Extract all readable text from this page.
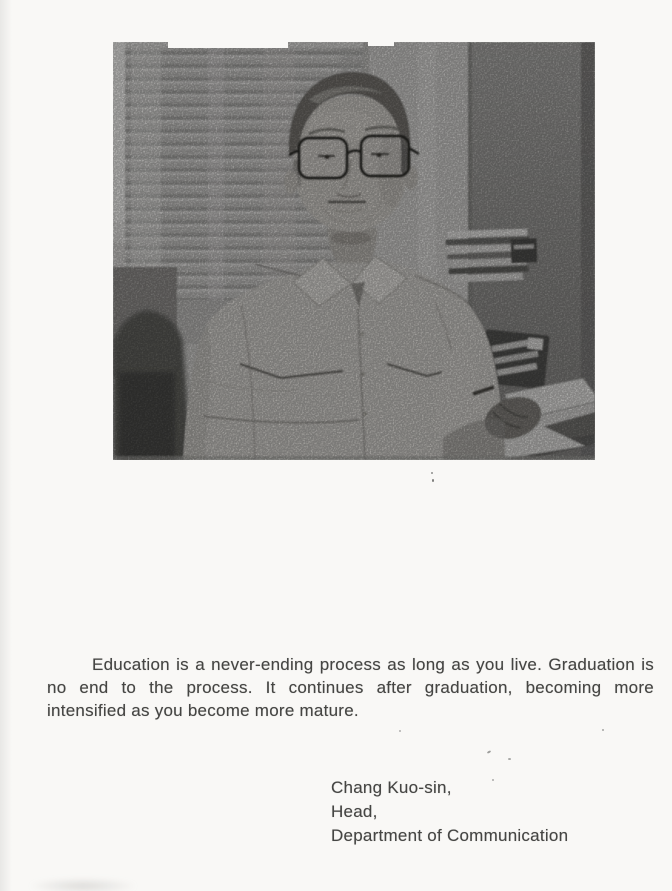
Education is a never-ending process as long as you live. Graduation is
no end to the process. It continues after graduation, becoming more
intensified as you become more mature.
Chang Kuo-sin,
Head,
Department of Communication
